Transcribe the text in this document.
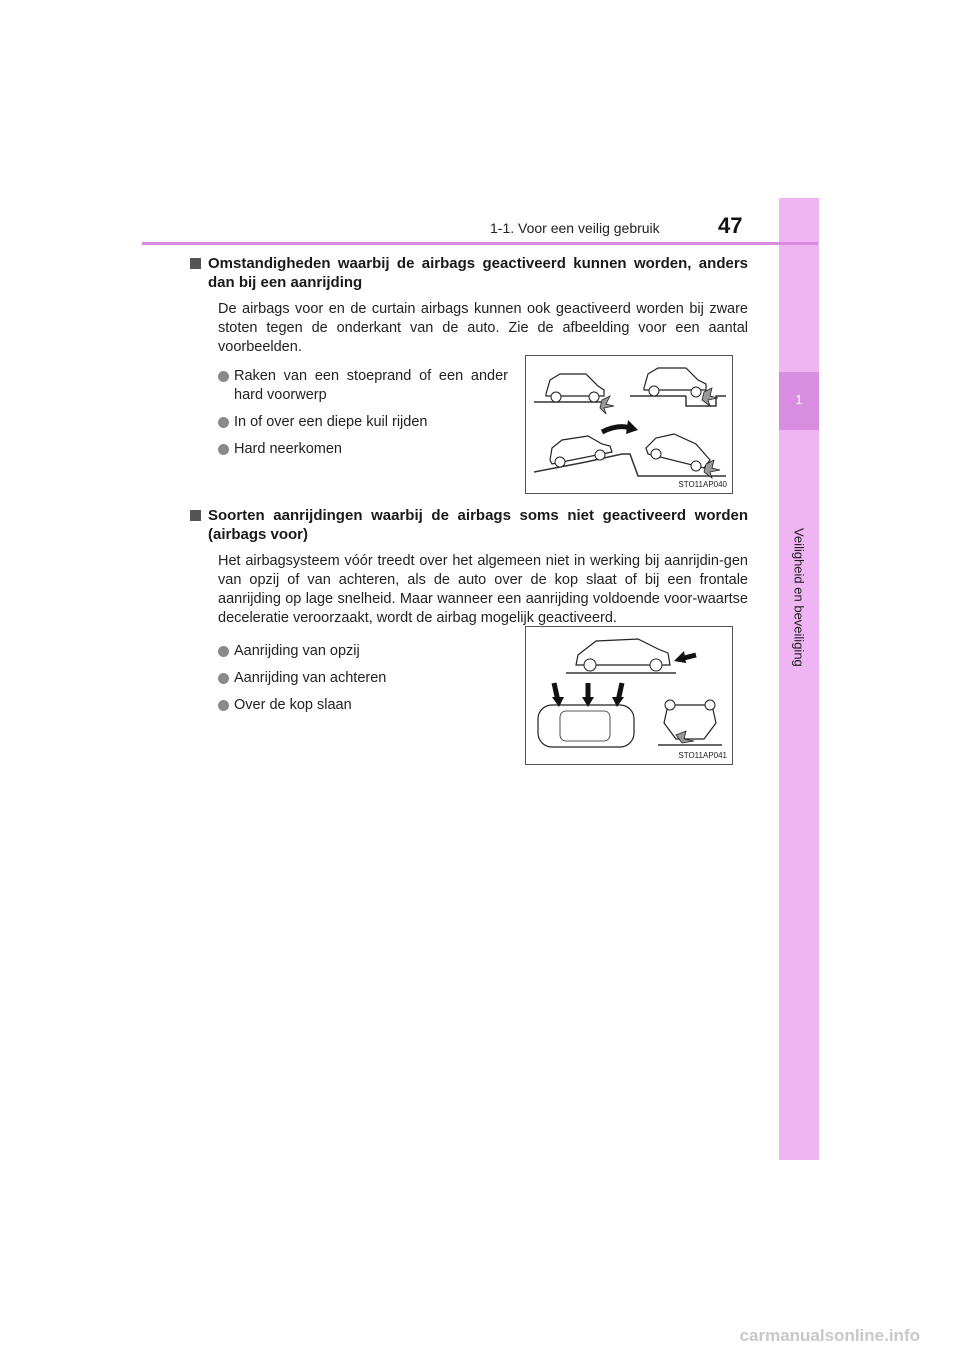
1
Veiligheid en beveiliging
1-1. Voor een veilig gebruik	47
Omstandigheden waarbij de airbags geactiveerd kunnen worden, anders dan bij een aanrijding
De airbags voor en de curtain airbags kunnen ook geactiveerd worden bij zware stoten tegen de onderkant van de auto. Zie de afbeelding voor een aantal voorbeelden.
Raken van een stoeprand of een ander hard voorwerp
In of over een diepe kuil rijden
Hard neerkomen
STO11AP040
Soorten aanrijdingen waarbij de airbags soms niet geactiveerd worden (airbags voor)
Het airbagsysteem vóór treedt over het algemeen niet in werking bij aanrijdin-gen van opzij of van achteren, als de auto over de kop slaat of bij een frontale aanrijding op lage snelheid. Maar wanneer een aanrijding voldoende voor-waartse deceleratie veroorzaakt, wordt de airbag mogelijk geactiveerd.
Aanrijding van opzij
Aanrijding van achteren
Over de kop slaan
STO11AP041
carmanualsonline.info
